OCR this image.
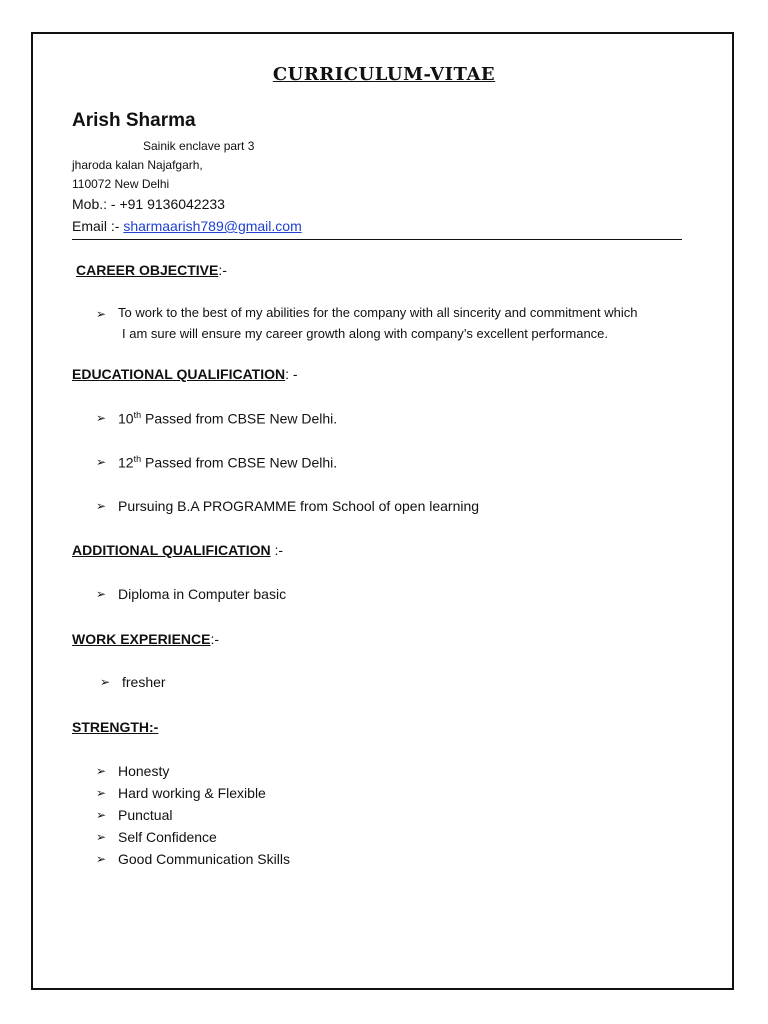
CURRICULUM-VITAE
Arish Sharma
Sainik enclave part 3
jharoda kalan Najafgarh,
110072 New Delhi
Mob.: - +91 9136042233
Email :- sharmaarish789@gmail.com
CAREER OBJECTIVE:-
➢ To work to the best of my abilities for the company with all sincerity and commitment which
I am sure will ensure my career growth along with company’s excellent performance.
EDUCATIONAL QUALIFICATION: -
➢ 10th Passed from CBSE New Delhi.
➢ 12th Passed from CBSE New Delhi.
➢ Pursuing B.A PROGRAMME from School of open learning
ADDITIONAL QUALIFICATION :-
➢ Diploma in Computer basic
WORK EXPERIENCE:-
➢ fresher
STRENGTH:-
➢ Honesty
➢ Hard working & Flexible
➢ Punctual
➢ Self Confidence
➢ Good Communication Skills
